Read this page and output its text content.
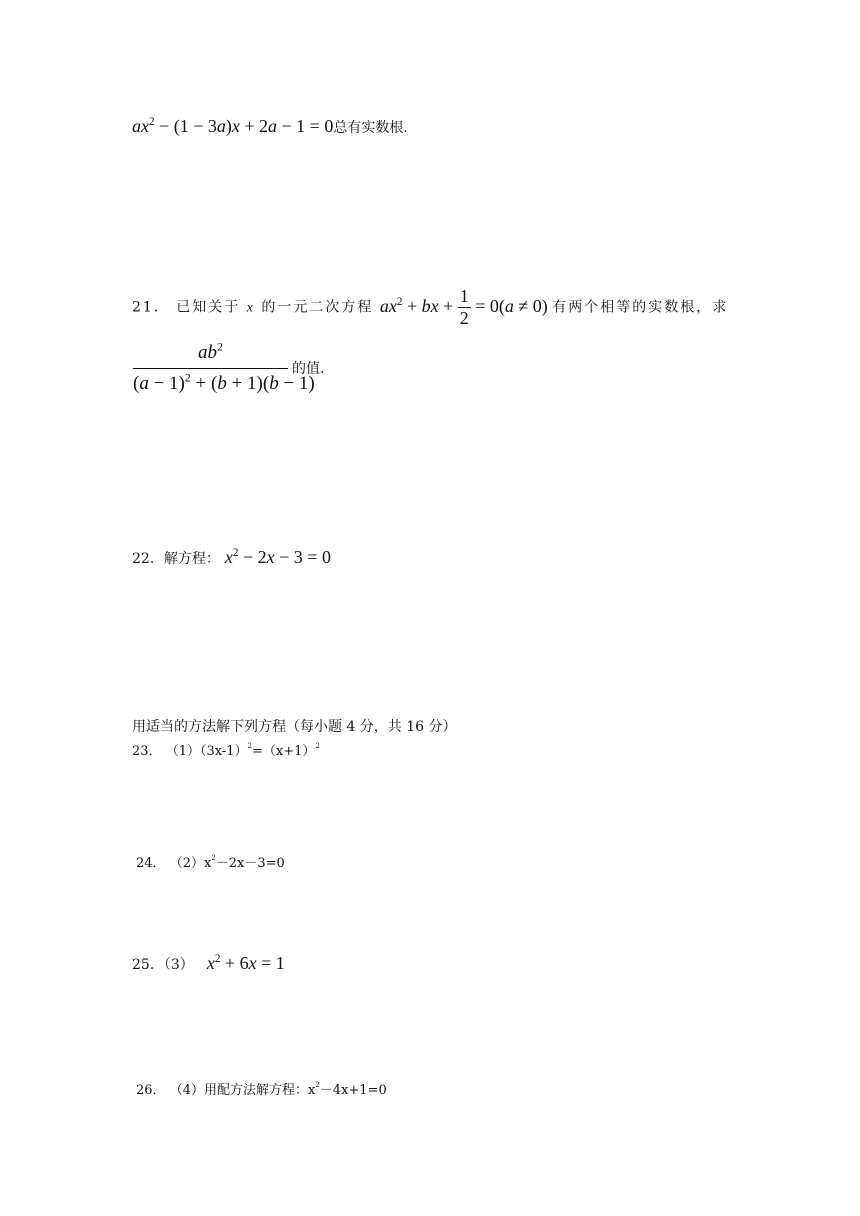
$ax^2 - (1 - 3a)x + 2a - 1 = 0$总有实数根.
21． 已知关于 x 的一元二次方程 $ax^2$ + bx + $\frac{1}{2} = 0(a \ne 0)$ 有两个相等的实数根，求
$ab^2$
$(a - 1)^2 + (b + 1)(b - 1)$
的值.
22．解方程： $x^2 - 2x - 3 = 0$
用适当的方法解下列方程（每小题 4 分，共 16 分）
23． $(1)(3x-1)^2=(x+1)^2$
24． $(2)x^2-2x-3=0$
25．（3） $x^2 + 6x = 1$
26． （4）用配方法解方程：$x^2-4x+1=0$
